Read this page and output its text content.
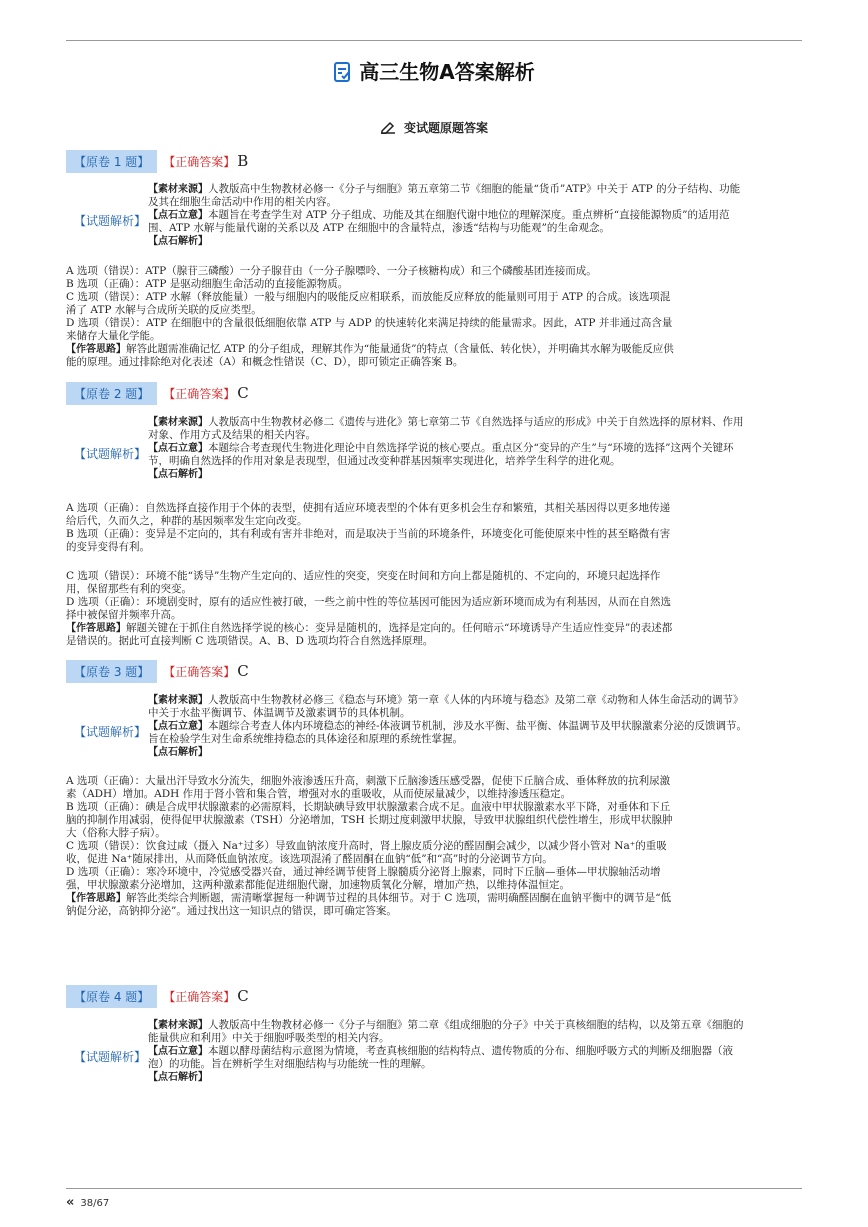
高三生物A答案解析
变试题原题答案
【原卷 1 题】	【正确答案】 B
【试题解析】

【素材来源】人教版高中生物教材必修一《分子与细胞》第五章第二节《细胞的能量“货币”ATP》中关于 ATP 的分子结构、功能及其在细胞生命活动中作用的相关内容。

【点石立意】本题旨在考查学生对 ATP 分子组成、功能及其在细胞代谢中地位的理解深度。重点辨析“直接能源物质”的适用范围、ATP 水解与能量代谢的关系以及 ATP 在细胞中的含量特点，渗透“结构与功能观”的生命观念。

【点石解析】

A 选项（错误）：ATP（腺苷三磷酸）一分子腺苷由（一分子腺嘌呤、一分子核糖构成）和三个磷酸基团连接而成。

B 选项（正确）：ATP 是驱动细胞生命活动的直接能源物质。

C 选项（错误）：ATP 水解（释放能量）一般与细胞内的吸能反应相联系，而放能反应释放的能量则可用于 ATP 的合成。该选项混淆了 ATP 水解与合成所关联的反应类型。

D 选项（错误）：ATP 在细胞中的含量很低细胞依靠 ATP 与 ADP 的快速转化来满足持续的能量需求。因此，ATP 并非通过高含量来储存大量化学能。

【作答思路】解答此题需准确记忆 ATP 的分子组成，理解其作为“能量通货”的特点（含量低、转化快），并明确其水解为吸能反应供能的原理。通过排除绝对化表述（A）和概念性错误（C、D），即可锁定正确答案 B。

【原卷 2 题】	【正确答案】 C
【试题解析】

【素材来源】人教版高中生物教材必修二《遗传与进化》第七章第二节《自然选择与适应的形成》中关于自然选择的原材料、作用对象、作用方式及结果的相关内容。

【点石立意】本题综合考查现代生物进化理论中自然选择学说的核心要点。重点区分“变异的产生”与“环境的选择”这两个关键环节，明确自然选择的作用对象是表现型，但通过改变种群基因频率实现进化，培养学生科学的进化观。

【点石解析】

A 选项（正确）：自然选择直接作用于个体的表型，使拥有适应环境表型的个体有更多机会生存和繁殖，其相关基因得以更多地传递给后代，久而久之，种群的基因频率发生定向改变。

B 选项（正确）：变异是不定向的，其有利或有害并非绝对，而是取决于当前的环境条件，环境变化可能使原来中性的甚至略微有害的变异变得有利。

C 选项（错误）：环境不能“诱导”生物产生定向的、适应性的突变，突变在时间和方向上都是随机的、不定向的，环境只起选择作用，保留那些有利的突变。

D 选项（正确）：环境剧变时，原有的适应性被打破，一些之前中性的等位基因可能因为适应新环境而成为有利基因，从而在自然选择中被保留并频率升高。

【作答思路】解题关键在于抓住自然选择学说的核心：变异是随机的，选择是定向的。任何暗示“环境诱导产生适应性变异”的表述都是错误的。据此可直接判断 C 选项错误。A、B、D 选项均符合自然选择原理。

【原卷 3 题】	【正确答案】 C
【试题解析】

【素材来源】人教版高中生物教材必修三《稳态与环境》第一章《人体的内环境与稳态》及第二章《动物和人体生命活动的调节》中关于水盐平衡调节、体温调节及激素调节的具体机制。

【点石立意】本题综合考查人体内环境稳态的神经-体液调节机制，涉及水平衡、盐平衡、体温调节及甲状腺激素分泌的反馈调节。旨在检验学生对生命系统维持稳态的具体途径和原理的系统性掌握。

【点石解析】

A 选项（正确）：大量出汗导致水分流失，细胞外液渗透压升高，刺激下丘脑渗透压感受器，促使下丘脑合成、垂体释放的抗利尿激素（ADH）增加。ADH 作用于肾小管和集合管，增强对水的重吸收，从而使尿量减少，以维持渗透压稳定。

B 选项（正确）：碘是合成甲状腺激素的必需原料，长期缺碘导致甲状腺激素合成不足。血液中甲状腺激素水平下降，对垂体和下丘脑的抑制作用减弱，使得促甲状腺激素（TSH）分泌增加，TSH 长期过度刺激甲状腺，导致甲状腺组织代偿性增生，形成甲状腺肿大（俗称大脖子病）。

C 选项（错误）：饮食过咸（摄入 Na⁺过多）导致血钠浓度升高时，肾上腺皮质分泌的醛固酮会减少，以减少肾小管对 Na⁺的重吸收，促进 Na⁺随尿排出，从而降低血钠浓度。该选项混淆了醛固酮在血钠“低”和“高”时的分泌调节方向。

D 选项（正确）：寒冷环境中，冷觉感受器兴奋，通过神经调节使肾上腺髓质分泌肾上腺素，同时下丘脑—垂体—甲状腺轴活动增强，甲状腺激素分泌增加，这两种激素都能促进细胞代谢，加速物质氧化分解，增加产热，以维持体温恒定。

【作答思路】解答此类综合判断题，需清晰掌握每一种调节过程的具体细节。对于 C 选项，需明确醛固酮在血钠平衡中的调节是“低钠促分泌，高钠抑分泌”。通过找出这一知识点的错误，即可确定答案。

【原卷 4 题】	【正确答案】 C
【试题解析】

【素材来源】人教版高中生物教材必修一《分子与细胞》第二章《组成细胞的分子》中关于真核细胞的结构，以及第五章《细胞的能量供应和利用》中关于细胞呼吸类型的相关内容。

【点石立意】本题以酵母菌结构示意图为情境，考查真核细胞的结构特点、遗传物质的分布、细胞呼吸方式的判断及细胞器（液泡）的功能。旨在辨析学生对细胞结构与功能统一性的理解。

【点石解析】

« 38/67
